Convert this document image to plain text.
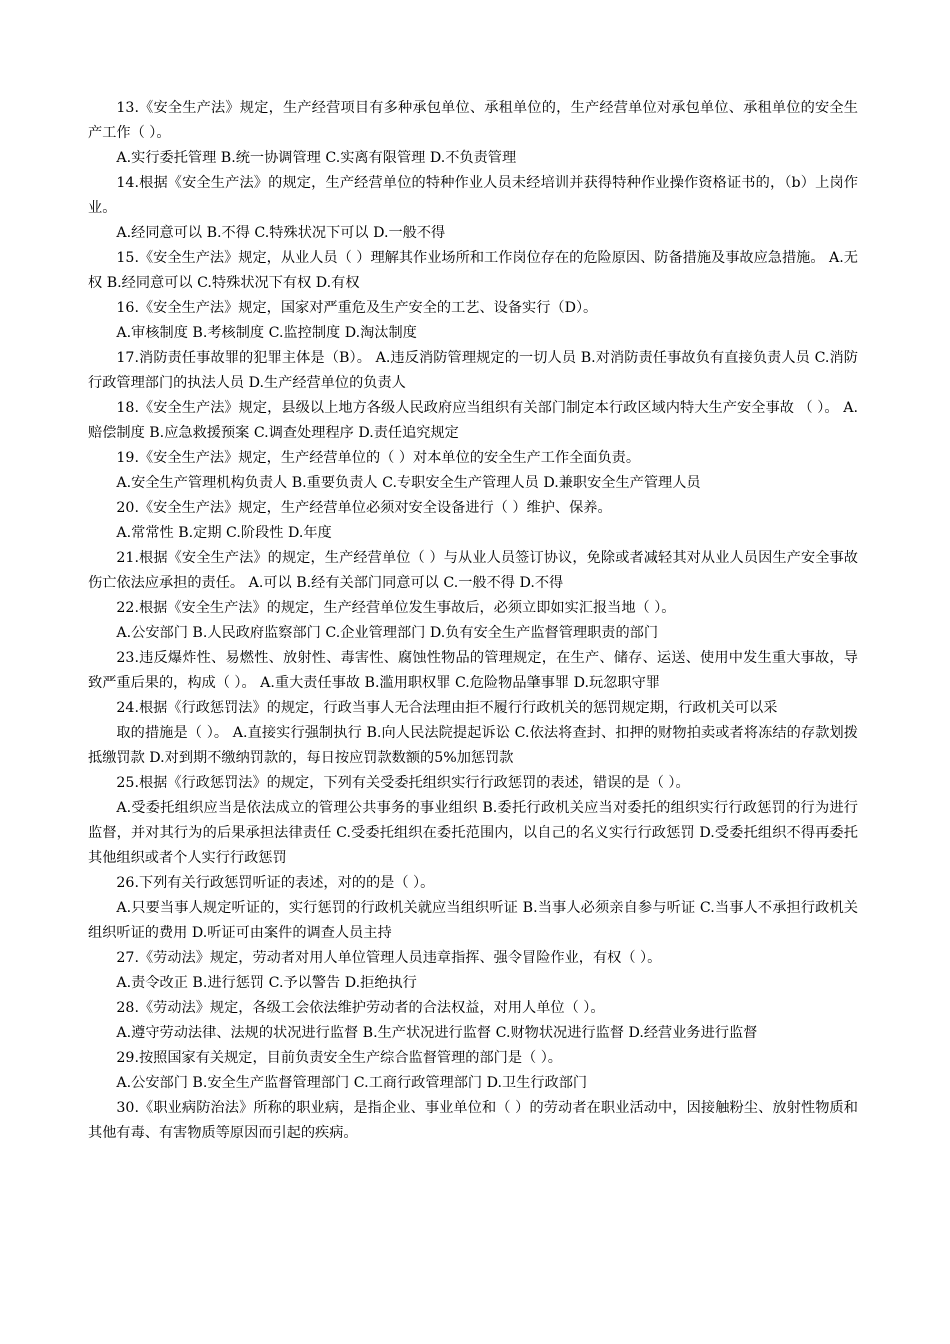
13.《安全生产法》规定，生产经营项目有多种承包单位、承租单位的，生产经营单位对承包单位、承租单位的安全生产工作（ ）。

A.实行委托管理 B.统一协调管理 C.实离有限管理 D.不负责管理

14.根据《安全生产法》的规定，生产经营单位的特种作业人员未经培训并获得特种作业操作资格证书的，（b）上岗作业。

A.经同意可以 B.不得 C.特殊状况下可以 D.一般不得

15.《安全生产法》规定，从业人员（ ）理解其作业场所和工作岗位存在的危险原因、防备措施及事故应急措施。 A.无权 B.经同意可以 C.特殊状况下有权 D.有权

16.《安全生产法》规定，国家对严重危及生产安全的工艺、设备实行（D）。

A.审核制度 B.考核制度 C.监控制度 D.淘汰制度

17.消防责任事故罪的犯罪主体是（B）。 A.违反消防管理规定的一切人员 B.对消防责任事故负有直接负责人员 C.消防行政管理部门的执法人员 D.生产经营单位的负责人

18.《安全生产法》规定，县级以上地方各级人民政府应当组织有关部门制定本行政区域内特大生产安全事故 （ ）。 A.赔偿制度 B.应急救援预案 C.调查处理程序 D.责任追究规定

19.《安全生产法》规定，生产经营单位的（ ）对本单位的安全生产工作全面负责。

A.安全生产管理机构负责人 B.重要负责人 C.专职安全生产管理人员 D.兼职安全生产管理人员

20.《安全生产法》规定，生产经营单位必须对安全设备进行（ ）维护、保养。

A.常常性 B.定期 C.阶段性 D.年度

21.根据《安全生产法》的规定，生产经营单位（ ）与从业人员签订协议，免除或者减轻其对从业人员因生产安全事故伤亡依法应承担的责任。 A.可以 B.经有关部门同意可以 C.一般不得 D.不得

22.根据《安全生产法》的规定，生产经营单位发生事故后，必须立即如实汇报当地（ ）。

A.公安部门 B.人民政府监察部门 C.企业管理部门 D.负有安全生产监督管理职责的部门

23.违反爆炸性、易燃性、放射性、毒害性、腐蚀性物品的管理规定，在生产、储存、运送、使用中发生重大事故，导致严重后果的，构成（ ）。 A.重大责任事故 B.滥用职权罪 C.危险物品肇事罪 D.玩忽职守罪

24.根据《行政惩罚法》的规定，行政当事人无合法理由拒不履行行政机关的惩罚规定期，行政机关可以采

取的措施是（ ）。 A.直接实行强制执行 B.向人民法院提起诉讼 C.依法将查封、扣押的财物拍卖或者将冻结的存款划拨抵缴罚款 D.对到期不缴纳罚款的，每日按应罚款数额的5%加惩罚款

25.根据《行政惩罚法》的规定，下列有关受委托组织实行行政惩罚的表述，错误的是（ ）。

A.受委托组织应当是依法成立的管理公共事务的事业组织 B.委托行政机关应当对委托的组织实行行政惩罚的行为进行监督，并对其行为的后果承担法律责任 C.受委托组织在委托范围内，以自己的名义实行行政惩罚 D.受委托组织不得再委托其他组织或者个人实行行政惩罚

26.下列有关行政惩罚听证的表述，对的的是（ ）。

A.只要当事人规定听证的，实行惩罚的行政机关就应当组织听证 B.当事人必须亲自参与听证 C.当事人不承担行政机关组织听证的费用 D.听证可由案件的调查人员主持

27.《劳动法》规定，劳动者对用人单位管理人员违章指挥、强令冒险作业，有权（ ）。

A.责令改正 B.进行惩罚 C.予以警告 D.拒绝执行

28.《劳动法》规定，各级工会依法维护劳动者的合法权益，对用人单位（ ）。

A.遵守劳动法律、法规的状况进行监督 B.生产状况进行监督 C.财物状况进行监督 D.经营业务进行监督

29.按照国家有关规定，目前负责安全生产综合监督管理的部门是（ ）。

A.公安部门 B.安全生产监督管理部门 C.工商行政管理部门 D.卫生行政部门

30.《职业病防治法》所称的职业病，是指企业、事业单位和（ ）的劳动者在职业活动中，因接触粉尘、放射性物质和其他有毒、有害物质等原因而引起的疾病。
